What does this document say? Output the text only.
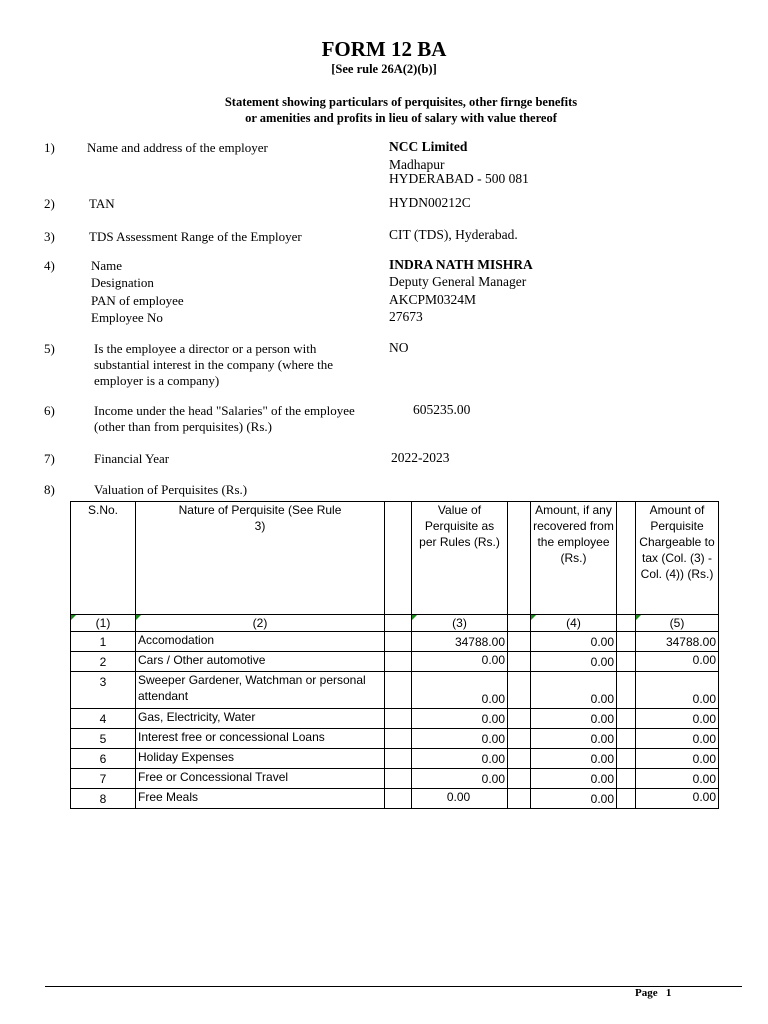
FORM 12 BA
[See rule 26A(2)(b)]
Statement showing particulars of perquisites, other firnge benefits
or amenities and profits in lieu of salary with value thereof
1) Name and address of the employer	NCC Limited
Madhapur
HYDERABAD - 500 081
2)	TAN	HYDN00212C
3)	TDS Assessment Range of the Employer	CIT (TDS), Hyderabad.
4)	Name	INDRA NATH MISHRA
Designation	Deputy General Manager
PAN of employee	AKCPM0324M
Employee No	27673
5)	Is the employee a director or a person with substantial interest in the company (where the employer is a company)
NO
6)	Income under the head "Salaries" of the employee (other than from perquisites) (Rs.)
605235.00
7)	Financial Year	2022-2023
8)	Valuation of Perquisites (Rs.)
S.No.	Nature of Perquisite (See Rule 3)		Value of Perquisite as per Rules (Rs.)		Amount, if any recovered from the employee (Rs.)		Amount of Perquisite Chargeable to tax (Col. (3) - Col. (4)) (Rs.)

(1)	(2)		(3)		(4)		(5)
1	Accomodation		34788.00		0.00		34788.00
2	Cars / Other automotive		0.00		0.00		0.00
3	Sweeper Gardener, Watchman or personal attendant		0.00		0.00		0.00
4	Gas, Electricity, Water		0.00		0.00		0.00
5	Interest free or concessional Loans		0.00		0.00		0.00
6	Holiday Expenses		0.00		0.00		0.00
7	Free or Concessional Travel		0.00		0.00		0.00
8	Free Meals		0.00		0.00		0.00
Page 1
